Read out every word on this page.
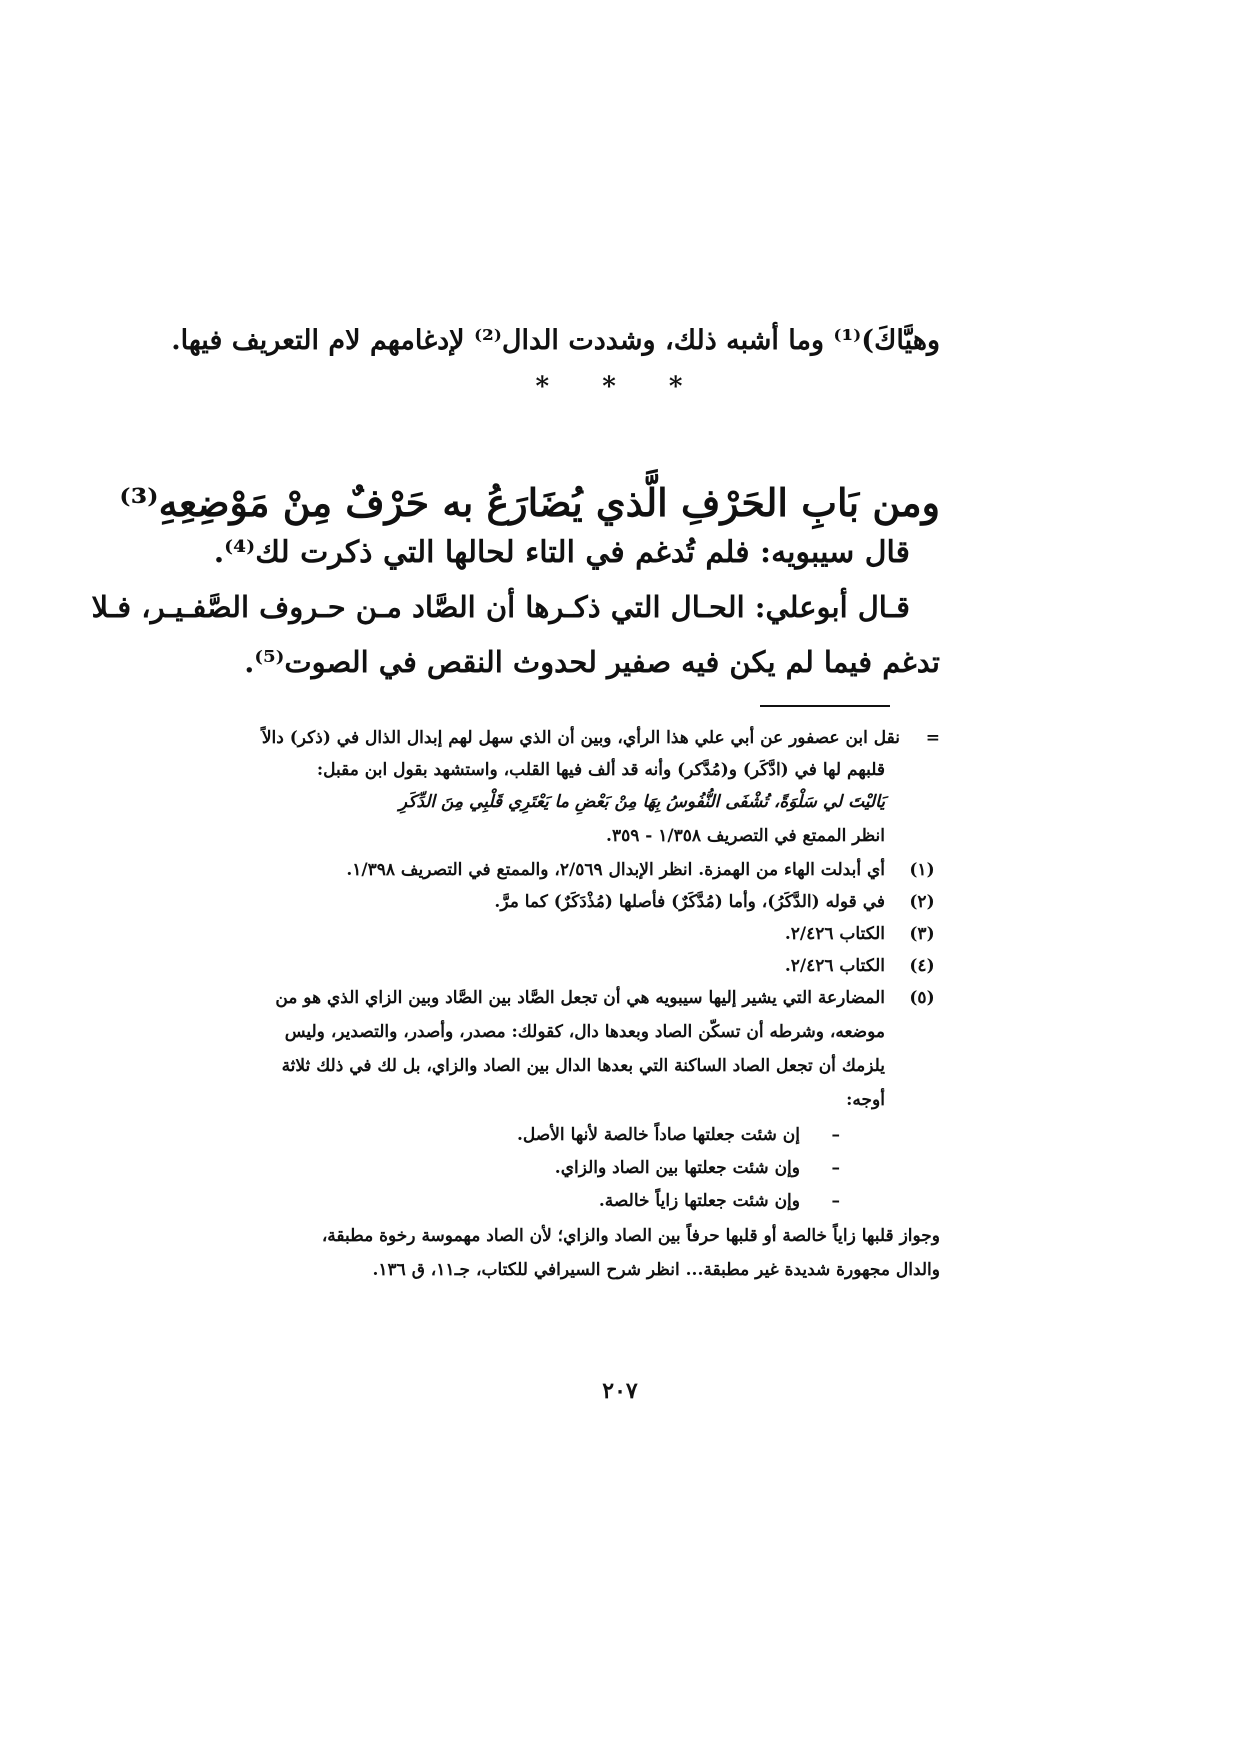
وهيَّاكَ)⁽¹⁾ وما أشبه ذلك، وشددت الدال⁽²⁾ لإدغامهم لام التعريف فيها.
* * *
ومن بَابِ الحَرْفِ الَّذي يُضَارَعُ به حَرْفٌ مِنْ مَوْضِعِهِ⁽³⁾
قال سيبويه: فلم تُدغم في التاء لحالها التي ذكرت لك⁽⁴⁾.
قـال أبوعلي: الحـال التي ذكـرها أن الصَّاد مـن حـروف الصَّفـيـر، فـلا
تدغم فيما لم يكن فيه صفير لحدوث النقص في الصوت⁽⁵⁾.
=
نقل ابن عصفور عن أبي علي هذا الرأي، وبين أن الذي سهل لهم إبدال الذال في (ذكر) دالاً
قلبهم لها في (ادَّكَر) و(مُدَّكر) وأنه قد ألف فيها القلب، واستشهد بقول ابن مقبل:
يَاليْتَ لي سَلْوَةً، تُشْفَى النُّفُوسُ بِهَا مِنْ بَعْضِ ما يَعْتَرِي قَلْبِي مِنَ الدِّكَرِ
انظر الممتع في التصريف ١/٣٥٨ - ٣٥٩.
(١)
أي أبدلت الهاء من الهمزة. انظر الإبدال ٢/٥٦٩، والممتع في التصريف ١/٣٩٨.
(٢)
في قوله (الدَّكَرُ)، وأما (مُدَّكَرٌ) فأصلها (مُذْدَكَرٌ) كما مرَّ.
(٣)
الكتاب ٢/٤٢٦.
(٤)
الكتاب ٢/٤٢٦.
(٥)
المضارعة التي يشير إليها سيبويه هي أن تجعل الصَّاد بين الصَّاد وبين الزاي الذي هو من
موضعه، وشرطه أن تسكّن الصاد وبعدها دال، كقولك: مصدر، وأصدر، والتصدير، وليس
يلزمك أن تجعل الصاد الساكنة التي بعدها الدال بين الصاد والزاي، بل لك في ذلك ثلاثة
أوجه:
–
إن شئت جعلتها صاداً خالصة لأنها الأصل.
–
وإن شئت جعلتها بين الصاد والزاي.
–
وإن شئت جعلتها زاياً خالصة.
وجواز قلبها زاياً خالصة أو قلبها حرفاً بين الصاد والزاي؛ لأن الصاد مهموسة رخوة مطبقة،
والدال مجهورة شديدة غير مطبقة... انظر شرح السيرافي للكتاب، جـ١١، ق ١٣٦.
٢٠٧
